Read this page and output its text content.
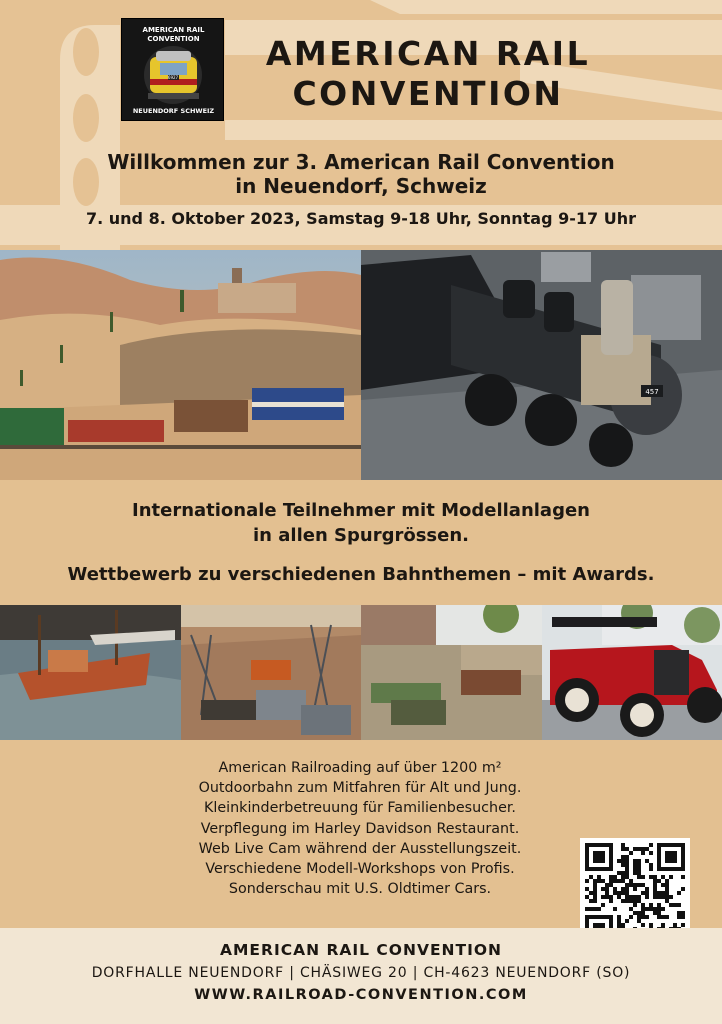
AMERICAN RAIL CONVENTION
6927
NEUENDORF SCHWEIZ
AMERICAN RAIL
CONVENTION
Willkommen zur 3. American Rail Convention
in Neuendorf, Schweiz
7. und 8. Oktober 2023, Samstag 9-18 Uhr, Sonntag 9-17 Uhr
457
Internationale Teilnehmer mit Modellanlagen
in allen Spurgrössen.
Wettbewerb zu verschiedenen Bahnthemen – mit Awards.
American Railroading auf über 1200 m²
Outdoorbahn zum Mitfahren für Alt und Jung.
Kleinkinderbetreuung für Familienbesucher.
Verpflegung im Harley Davidson Restaurant.
Web Live Cam während der Ausstellungszeit.
Verschiedene Modell-Workshops von Profis.
Sonderschau mit U.S. Oldtimer Cars.
AMERICAN RAIL CONVENTION
DORFHALLE NEUENDORF | CHÄSIWEG 20 | CH-4623 NEUENDORF (SO)
WWW.RAILROAD-CONVENTION.COM
